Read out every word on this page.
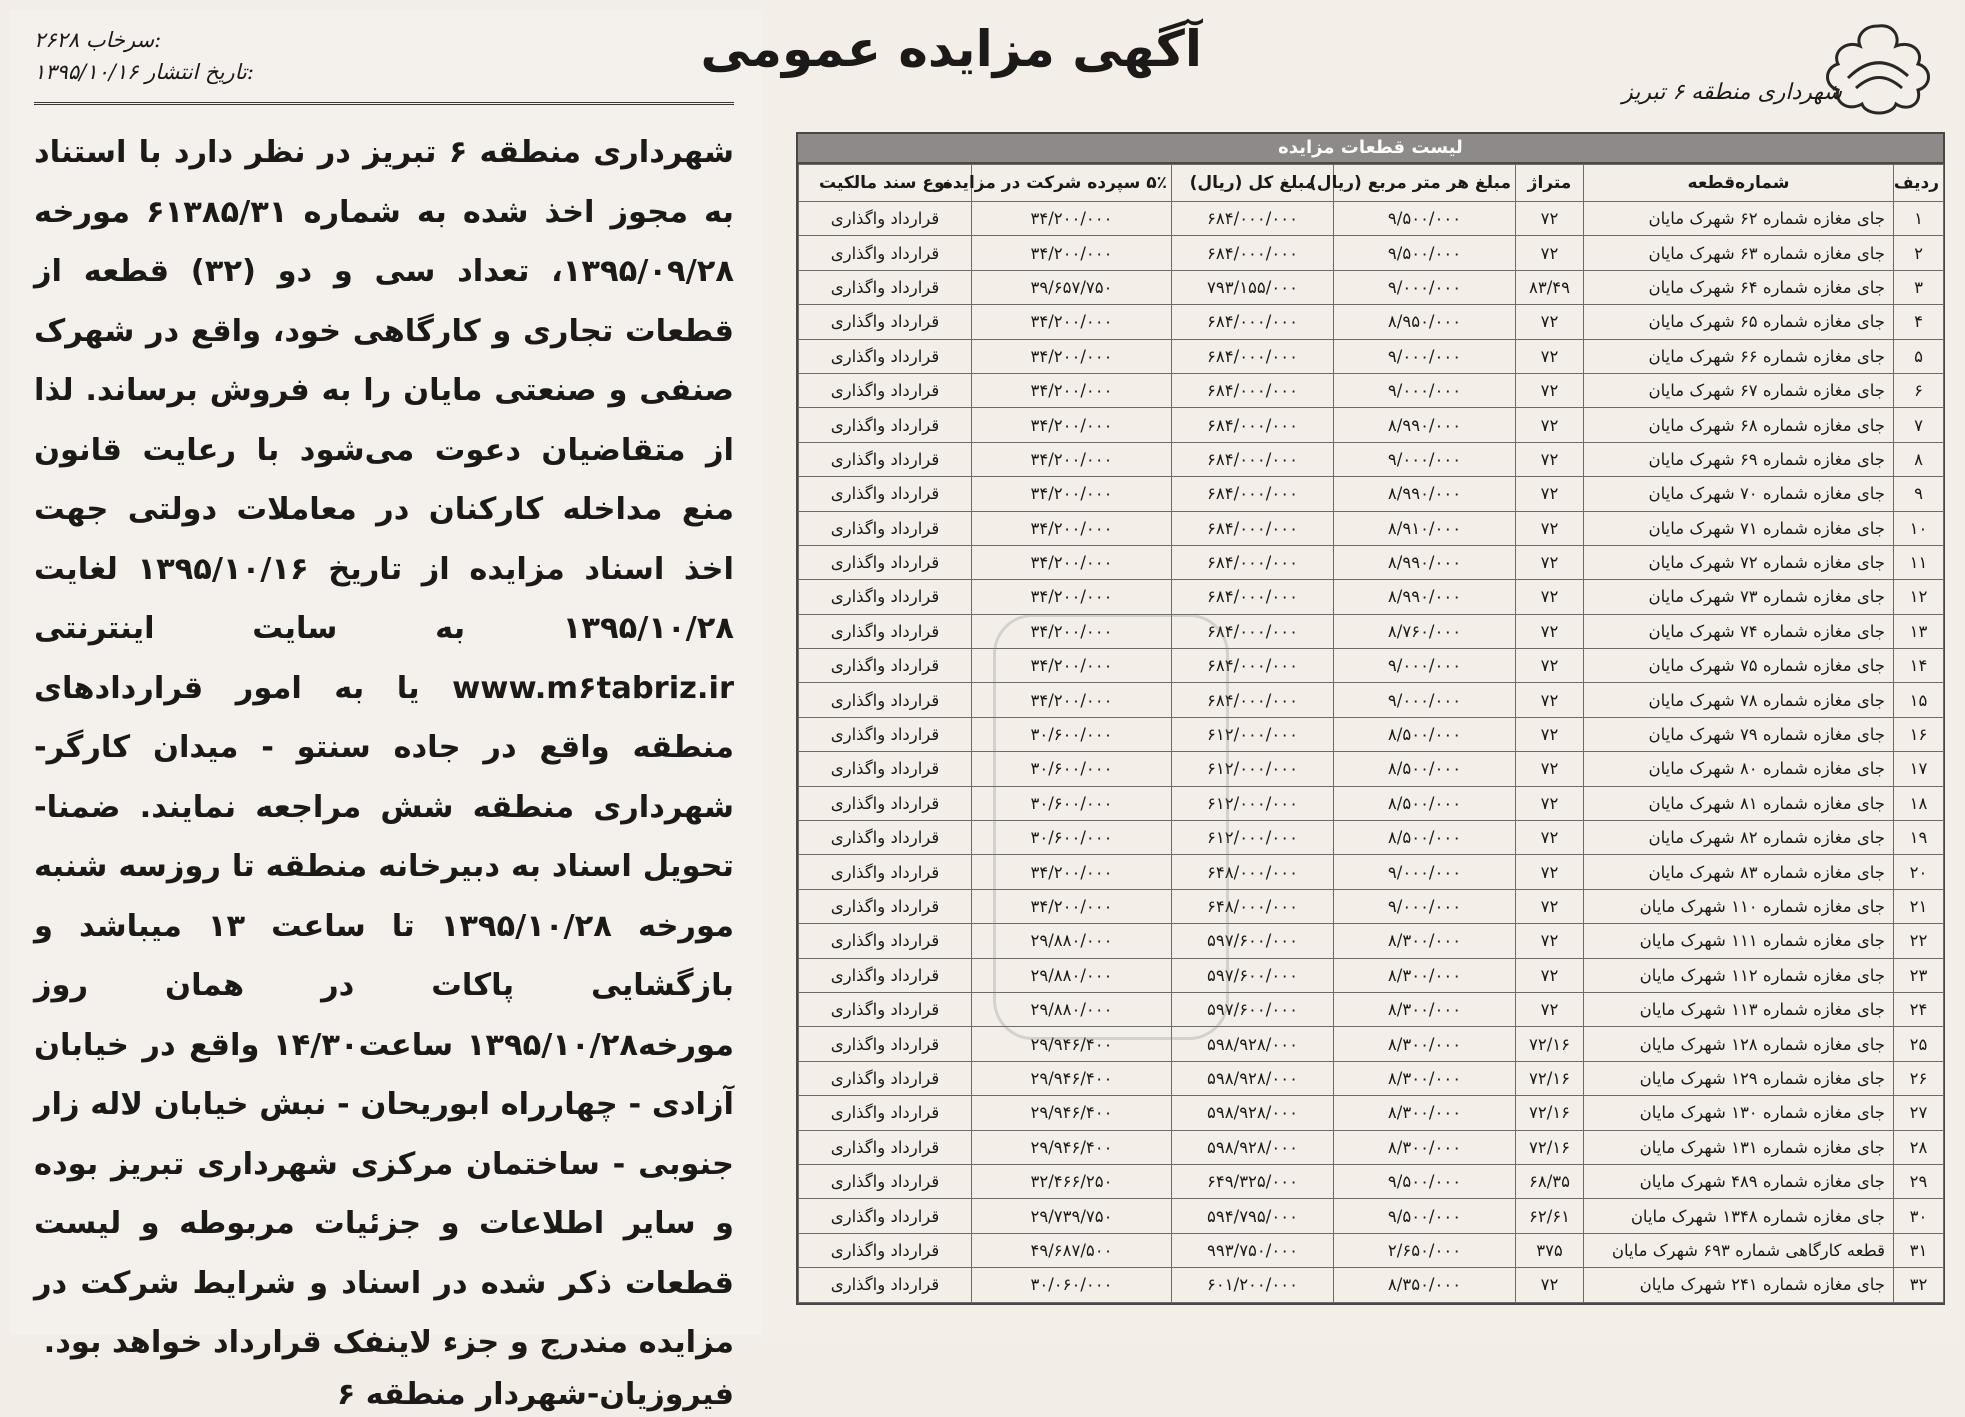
۲۶۲۸ سرخاب:
۱۳۹۵/۱۰/۱۶ تاریخ انتشار:

شهرداری منطقه ۶ تبریز در نظر دارد با استناد به مجوز اخذ شده به شماره ۶۱۳۸۵/۳۱ مورخه ۱۳۹۵/۰۹/۲۸، تعداد سی و دو (۳۲) قطعه از قطعات تجاری و کارگاهی خود، واقع در شهرک صنفی و صنعتی مایان را به فروش برساند. لذا از متقاضیان دعوت می‌شود با رعایت قانون منع مداخله کارکنان در معاملات دولتی جهت اخذ اسناد مزایده از تاریخ ۱۳۹۵/۱۰/۱۶ لغایت ۱۳۹۵/۱۰/۲۸ به سایت اینترنتی www.m۶tabriz.ir یا به امور قراردادهای منطقه واقع در جاده سنتو - میدان کارگر- شهرداری منطقه شش مراجعه نمایند. ضمنا- تحویل اسناد به دبیرخانه منطقه تا روزسه شنبه مورخه ۱۳۹۵/۱۰/۲۸ تا ساعت ۱۳ میباشد و بازگشایی پاکات در همان روز مورخه۱۳۹۵/۱۰/۲۸ ساعت۱۴/۳۰ واقع در خیابان آزادی - چهارراه ابوریحان - نبش خیابان لاله زار جنوبی - ساختمان مرکزی شهرداری تبریز بوده و سایر اطلاعات و جزئیات مربوطه و لیست قطعات ذکر شده در اسناد و شرایط شرکت در مزایده مندرج و جزء لاینفک قرارداد خواهد بود.

فیروزیان-شهردار منطقه ۶
شهرداری منطقه ۶ تبریز
آگهی مزایده عمومی
لیست قطعات مزایده
ردیف	شماره‌قطعه	متراژ	مبلغ هر متر مربع (ریال)	مبلغ کل (ریال)	۵٪ سپرده شرکت در مزایده	نوع سند مالکیت
۱	جای مغازه شماره ۶۲ شهرک مایان	۷۲	۹/۵۰۰/۰۰۰	۶۸۴/۰۰۰/۰۰۰	۳۴/۲۰۰/۰۰۰	قرارداد واگذاری
۲	جای مغازه شماره ۶۳ شهرک مایان	۷۲	۹/۵۰۰/۰۰۰	۶۸۴/۰۰۰/۰۰۰	۳۴/۲۰۰/۰۰۰	قرارداد واگذاری
۳	جای مغازه شماره ۶۴ شهرک مایان	۸۳/۴۹	۹/۰۰۰/۰۰۰	۷۹۳/۱۵۵/۰۰۰	۳۹/۶۵۷/۷۵۰	قرارداد واگذاری
۴	جای مغازه شماره ۶۵ شهرک مایان	۷۲	۸/۹۵۰/۰۰۰	۶۸۴/۰۰۰/۰۰۰	۳۴/۲۰۰/۰۰۰	قرارداد واگذاری
۵	جای مغازه شماره ۶۶ شهرک مایان	۷۲	۹/۰۰۰/۰۰۰	۶۸۴/۰۰۰/۰۰۰	۳۴/۲۰۰/۰۰۰	قرارداد واگذاری
۶	جای مغازه شماره ۶۷ شهرک مایان	۷۲	۹/۰۰۰/۰۰۰	۶۸۴/۰۰۰/۰۰۰	۳۴/۲۰۰/۰۰۰	قرارداد واگذاری
۷	جای مغازه شماره ۶۸ شهرک مایان	۷۲	۸/۹۹۰/۰۰۰	۶۸۴/۰۰۰/۰۰۰	۳۴/۲۰۰/۰۰۰	قرارداد واگذاری
۸	جای مغازه شماره ۶۹ شهرک مایان	۷۲	۹/۰۰۰/۰۰۰	۶۸۴/۰۰۰/۰۰۰	۳۴/۲۰۰/۰۰۰	قرارداد واگذاری
۹	جای مغازه شماره ۷۰ شهرک مایان	۷۲	۸/۹۹۰/۰۰۰	۶۸۴/۰۰۰/۰۰۰	۳۴/۲۰۰/۰۰۰	قرارداد واگذاری
۱۰	جای مغازه شماره ۷۱ شهرک مایان	۷۲	۸/۹۱۰/۰۰۰	۶۸۴/۰۰۰/۰۰۰	۳۴/۲۰۰/۰۰۰	قرارداد واگذاری
۱۱	جای مغازه شماره ۷۲ شهرک مایان	۷۲	۸/۹۹۰/۰۰۰	۶۸۴/۰۰۰/۰۰۰	۳۴/۲۰۰/۰۰۰	قرارداد واگذاری
۱۲	جای مغازه شماره ۷۳ شهرک مایان	۷۲	۸/۹۹۰/۰۰۰	۶۸۴/۰۰۰/۰۰۰	۳۴/۲۰۰/۰۰۰	قرارداد واگذاری
۱۳	جای مغازه شماره ۷۴ شهرک مایان	۷۲	۸/۷۶۰/۰۰۰	۶۸۴/۰۰۰/۰۰۰	۳۴/۲۰۰/۰۰۰	قرارداد واگذاری
۱۴	جای مغازه شماره ۷۵ شهرک مایان	۷۲	۹/۰۰۰/۰۰۰	۶۸۴/۰۰۰/۰۰۰	۳۴/۲۰۰/۰۰۰	قرارداد واگذاری
۱۵	جای مغازه شماره ۷۸ شهرک مایان	۷۲	۹/۰۰۰/۰۰۰	۶۸۴/۰۰۰/۰۰۰	۳۴/۲۰۰/۰۰۰	قرارداد واگذاری
۱۶	جای مغازه شماره ۷۹ شهرک مایان	۷۲	۸/۵۰۰/۰۰۰	۶۱۲/۰۰۰/۰۰۰	۳۰/۶۰۰/۰۰۰	قرارداد واگذاری
۱۷	جای مغازه شماره ۸۰ شهرک مایان	۷۲	۸/۵۰۰/۰۰۰	۶۱۲/۰۰۰/۰۰۰	۳۰/۶۰۰/۰۰۰	قرارداد واگذاری
۱۸	جای مغازه شماره ۸۱ شهرک مایان	۷۲	۸/۵۰۰/۰۰۰	۶۱۲/۰۰۰/۰۰۰	۳۰/۶۰۰/۰۰۰	قرارداد واگذاری
۱۹	جای مغازه شماره ۸۲ شهرک مایان	۷۲	۸/۵۰۰/۰۰۰	۶۱۲/۰۰۰/۰۰۰	۳۰/۶۰۰/۰۰۰	قرارداد واگذاری
۲۰	جای مغازه شماره ۸۳ شهرک مایان	۷۲	۹/۰۰۰/۰۰۰	۶۴۸/۰۰۰/۰۰۰	۳۴/۲۰۰/۰۰۰	قرارداد واگذاری
۲۱	جای مغازه شماره ۱۱۰ شهرک مایان	۷۲	۹/۰۰۰/۰۰۰	۶۴۸/۰۰۰/۰۰۰	۳۴/۲۰۰/۰۰۰	قرارداد واگذاری
۲۲	جای مغازه شماره ۱۱۱ شهرک مایان	۷۲	۸/۳۰۰/۰۰۰	۵۹۷/۶۰۰/۰۰۰	۲۹/۸۸۰/۰۰۰	قرارداد واگذاری
۲۳	جای مغازه شماره ۱۱۲ شهرک مایان	۷۲	۸/۳۰۰/۰۰۰	۵۹۷/۶۰۰/۰۰۰	۲۹/۸۸۰/۰۰۰	قرارداد واگذاری
۲۴	جای مغازه شماره ۱۱۳ شهرک مایان	۷۲	۸/۳۰۰/۰۰۰	۵۹۷/۶۰۰/۰۰۰	۲۹/۸۸۰/۰۰۰	قرارداد واگذاری
۲۵	جای مغازه شماره ۱۲۸ شهرک مایان	۷۲/۱۶	۸/۳۰۰/۰۰۰	۵۹۸/۹۲۸/۰۰۰	۲۹/۹۴۶/۴۰۰	قرارداد واگذاری
۲۶	جای مغازه شماره ۱۲۹ شهرک مایان	۷۲/۱۶	۸/۳۰۰/۰۰۰	۵۹۸/۹۲۸/۰۰۰	۲۹/۹۴۶/۴۰۰	قرارداد واگذاری
۲۷	جای مغازه شماره ۱۳۰ شهرک مایان	۷۲/۱۶	۸/۳۰۰/۰۰۰	۵۹۸/۹۲۸/۰۰۰	۲۹/۹۴۶/۴۰۰	قرارداد واگذاری
۲۸	جای مغازه شماره ۱۳۱ شهرک مایان	۷۲/۱۶	۸/۳۰۰/۰۰۰	۵۹۸/۹۲۸/۰۰۰	۲۹/۹۴۶/۴۰۰	قرارداد واگذاری
۲۹	جای مغازه شماره ۴۸۹ شهرک مایان	۶۸/۳۵	۹/۵۰۰/۰۰۰	۶۴۹/۳۲۵/۰۰۰	۳۲/۴۶۶/۲۵۰	قرارداد واگذاری
۳۰	جای مغازه شماره ۱۳۴۸ شهرک مایان	۶۲/۶۱	۹/۵۰۰/۰۰۰	۵۹۴/۷۹۵/۰۰۰	۲۹/۷۳۹/۷۵۰	قرارداد واگذاری
۳۱	قطعه کارگاهی شماره ۶۹۳ شهرک مایان	۳۷۵	۲/۶۵۰/۰۰۰	۹۹۳/۷۵۰/۰۰۰	۴۹/۶۸۷/۵۰۰	قرارداد واگذاری
۳۲	جای مغازه شماره ۲۴۱ شهرک مایان	۷۲	۸/۳۵۰/۰۰۰	۶۰۱/۲۰۰/۰۰۰	۳۰/۰۶۰/۰۰۰	قرارداد واگذاری
